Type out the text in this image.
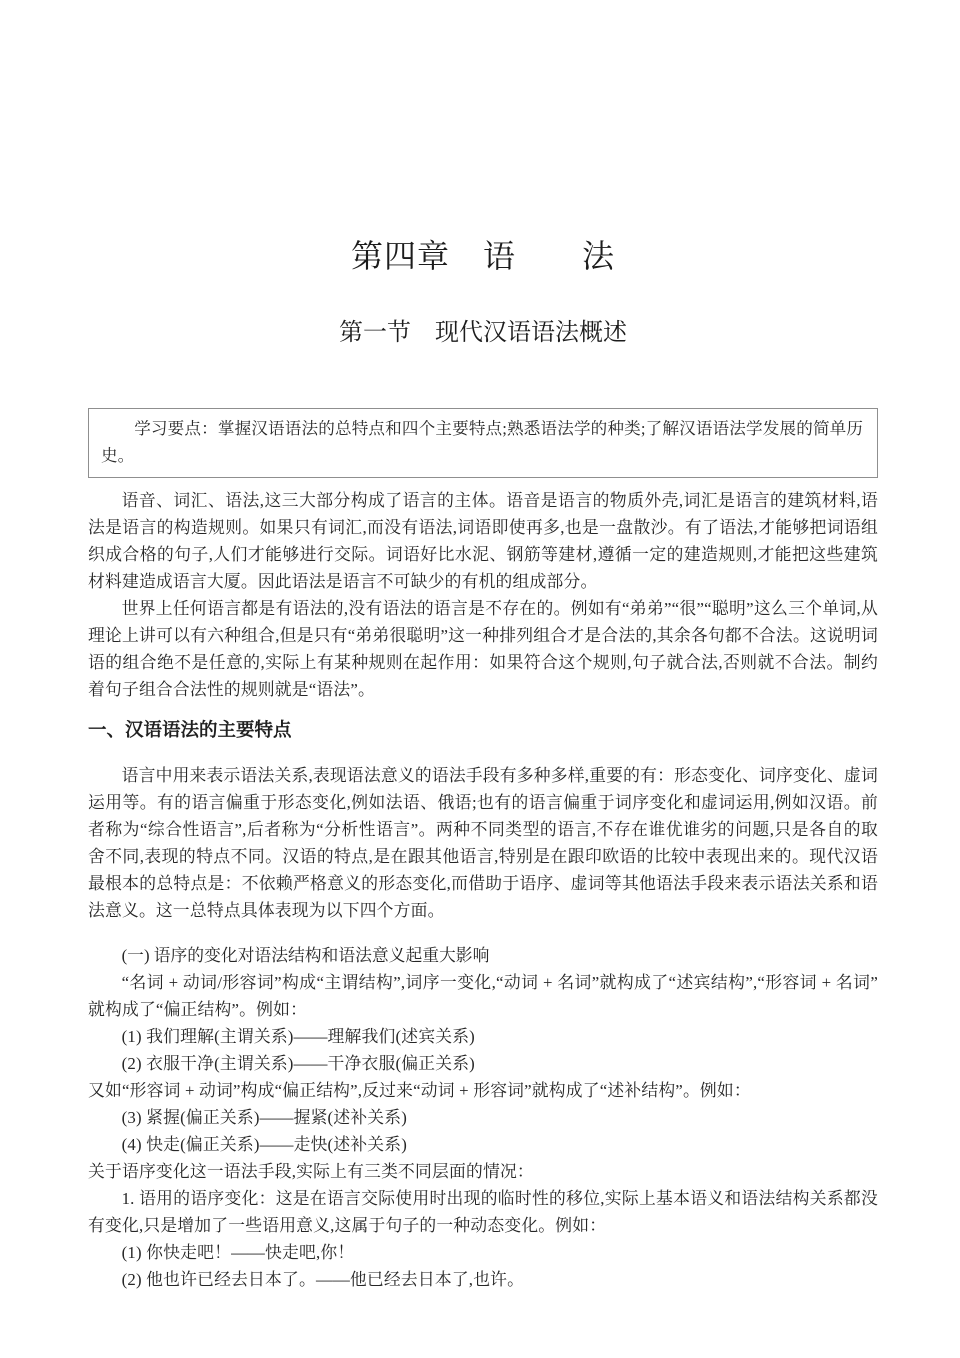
第四章　语　　法
第一节　现代汉语语法概述

学习要点：掌握汉语语法的总特点和四个主要特点;熟悉语法学的种类;了解汉语语法学发展的简单历史。

语音、词汇、语法,这三大部分构成了语言的主体。语音是语言的物质外壳,词汇是语言的建筑材料,语法是语言的构造规则。如果只有词汇,而没有语法,词语即使再多,也是一盘散沙。有了语法,才能够把词语组织成合格的句子,人们才能够进行交际。词语好比水泥、钢筋等建材,遵循一定的建造规则,才能把这些建筑材料建造成语言大厦。因此语法是语言不可缺少的有机的组成部分。

世界上任何语言都是有语法的,没有语法的语言是不存在的。例如有“弟弟”“很”“聪明”这么三个单词,从理论上讲可以有六种组合,但是只有“弟弟很聪明”这一种排列组合才是合法的,其余各句都不合法。这说明词语的组合绝不是任意的,实际上有某种规则在起作用：如果符合这个规则,句子就合法,否则就不合法。制约着句子组合合法性的规则就是“语法”。

一、汉语语法的主要特点

语言中用来表示语法关系,表现语法意义的语法手段有多种多样,重要的有：形态变化、词序变化、虚词运用等。有的语言偏重于形态变化,例如法语、俄语;也有的语言偏重于词序变化和虚词运用,例如汉语。前者称为“综合性语言”,后者称为“分析性语言”。两种不同类型的语言,不存在谁优谁劣的问题,只是各自的取舍不同,表现的特点不同。汉语的特点,是在跟其他语言,特别是在跟印欧语的比较中表现出来的。现代汉语最根本的总特点是：不依赖严格意义的形态变化,而借助于语序、虚词等其他语法手段来表示语法关系和语法意义。这一总特点具体表现为以下四个方面。

(一) 语序的变化对语法结构和语法意义起重大影响

“名词 + 动词/形容词”构成“主谓结构”,词序一变化,“动词 + 名词”就构成了“述宾结构”,“形容词 + 名词”就构成了“偏正结构”。例如：

(1) 我们理解(主谓关系)——理解我们(述宾关系)

(2) 衣服干净(主谓关系)——干净衣服(偏正关系)

又如“形容词 + 动词”构成“偏正结构”,反过来“动词 + 形容词”就构成了“述补结构”。例如：

(3) 紧握(偏正关系)——握紧(述补关系)

(4) 快走(偏正关系)——走快(述补关系)

关于语序变化这一语法手段,实际上有三类不同层面的情况：

1. 语用的语序变化：这是在语言交际使用时出现的临时性的移位,实际上基本语义和语法结构关系都没有变化,只是增加了一些语用意义,这属于句子的一种动态变化。例如：

(1) 你快走吧！——快走吧,你！

(2) 他也许已经去日本了。——他已经去日本了,也许。
